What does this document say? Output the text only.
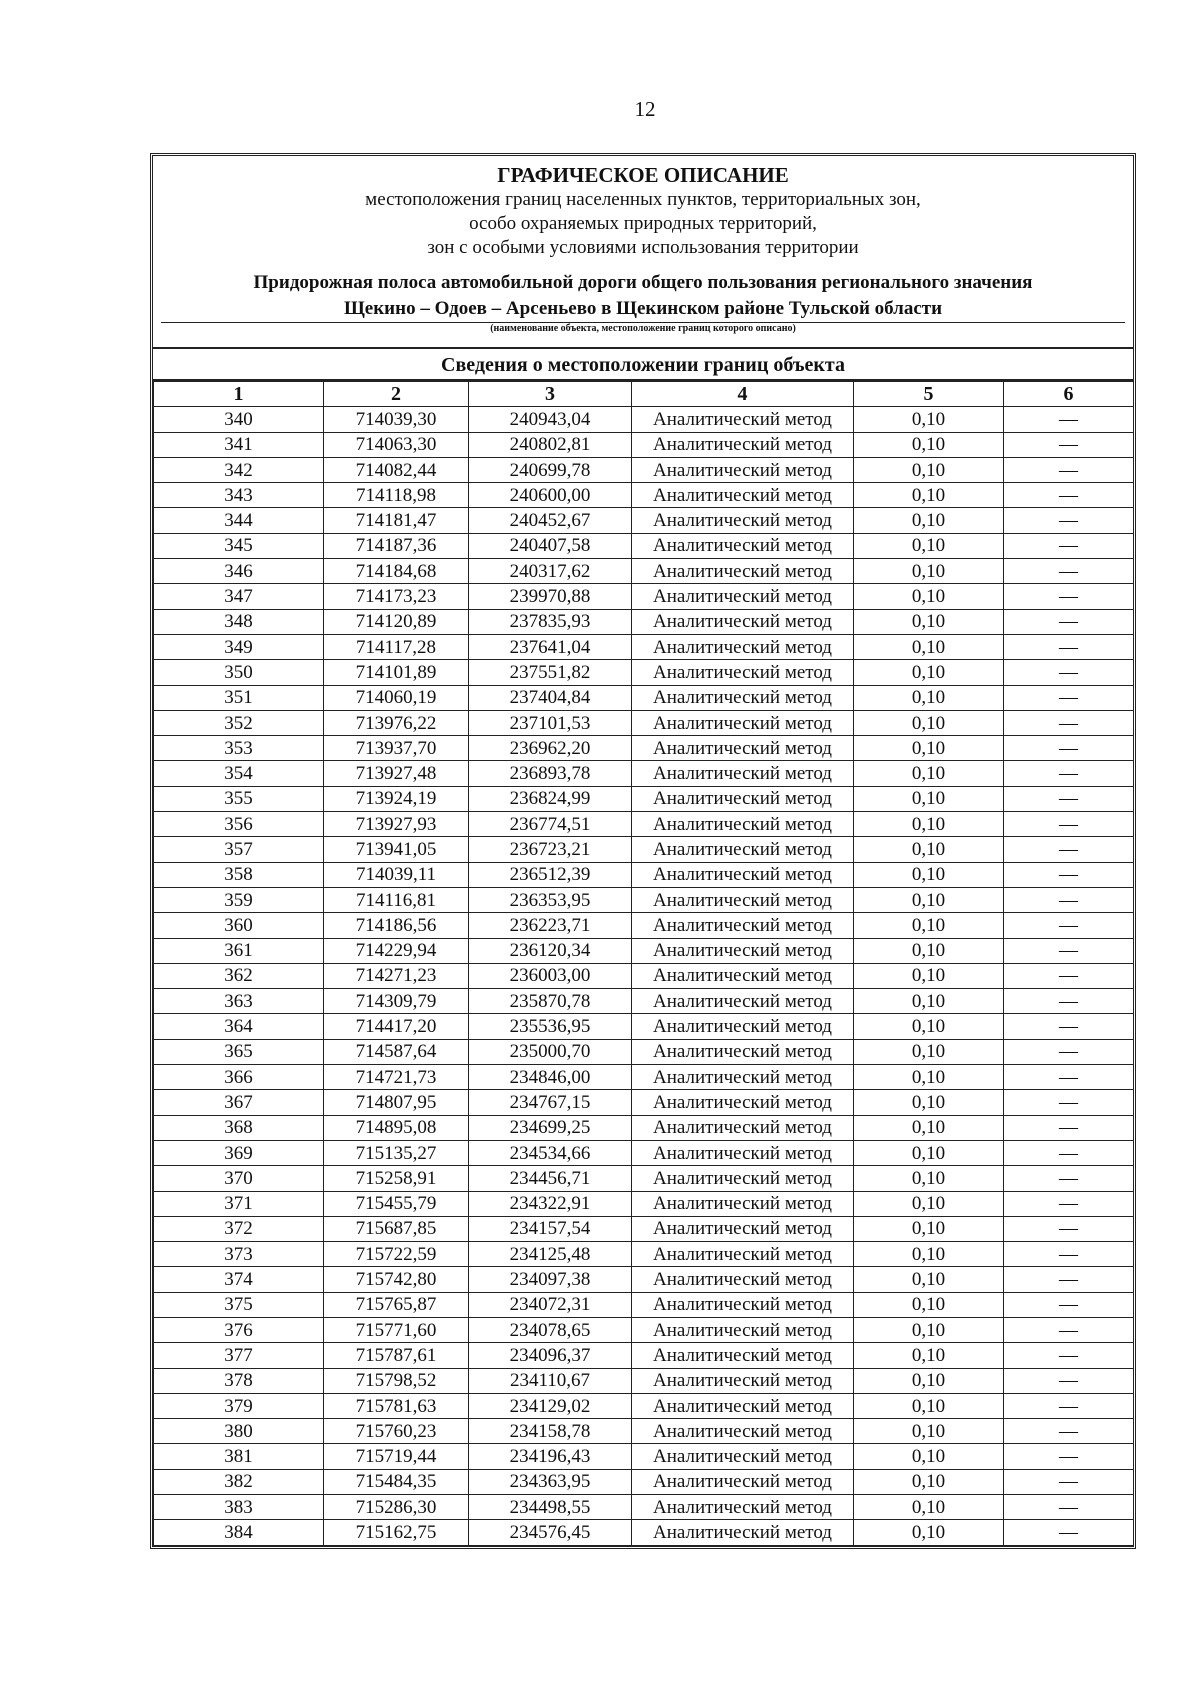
12
ГРАФИЧЕСКОЕ ОПИСАНИЕ
местоположения границ населенных пунктов, территориальных зон,
особо охраняемых природных территорий,
зон с особыми условиями использования территории
Придорожная полоса автомобильной дороги общего пользования регионального значения
Щекино – Одоев – Арсеньево в Щекинском районе Тульской области
(наименование объекта, местоположение границ которого описано)
Сведения о местоположении границ объекта
1	2	3	4	5	6
340	714039,30	240943,04	Аналитический метод	0,10	—
341	714063,30	240802,81	Аналитический метод	0,10	—
342	714082,44	240699,78	Аналитический метод	0,10	—
343	714118,98	240600,00	Аналитический метод	0,10	—
344	714181,47	240452,67	Аналитический метод	0,10	—
345	714187,36	240407,58	Аналитический метод	0,10	—
346	714184,68	240317,62	Аналитический метод	0,10	—
347	714173,23	239970,88	Аналитический метод	0,10	—
348	714120,89	237835,93	Аналитический метод	0,10	—
349	714117,28	237641,04	Аналитический метод	0,10	—
350	714101,89	237551,82	Аналитический метод	0,10	—
351	714060,19	237404,84	Аналитический метод	0,10	—
352	713976,22	237101,53	Аналитический метод	0,10	—
353	713937,70	236962,20	Аналитический метод	0,10	—
354	713927,48	236893,78	Аналитический метод	0,10	—
355	713924,19	236824,99	Аналитический метод	0,10	—
356	713927,93	236774,51	Аналитический метод	0,10	—
357	713941,05	236723,21	Аналитический метод	0,10	—
358	714039,11	236512,39	Аналитический метод	0,10	—
359	714116,81	236353,95	Аналитический метод	0,10	—
360	714186,56	236223,71	Аналитический метод	0,10	—
361	714229,94	236120,34	Аналитический метод	0,10	—
362	714271,23	236003,00	Аналитический метод	0,10	—
363	714309,79	235870,78	Аналитический метод	0,10	—
364	714417,20	235536,95	Аналитический метод	0,10	—
365	714587,64	235000,70	Аналитический метод	0,10	—
366	714721,73	234846,00	Аналитический метод	0,10	—
367	714807,95	234767,15	Аналитический метод	0,10	—
368	714895,08	234699,25	Аналитический метод	0,10	—
369	715135,27	234534,66	Аналитический метод	0,10	—
370	715258,91	234456,71	Аналитический метод	0,10	—
371	715455,79	234322,91	Аналитический метод	0,10	—
372	715687,85	234157,54	Аналитический метод	0,10	—
373	715722,59	234125,48	Аналитический метод	0,10	—
374	715742,80	234097,38	Аналитический метод	0,10	—
375	715765,87	234072,31	Аналитический метод	0,10	—
376	715771,60	234078,65	Аналитический метод	0,10	—
377	715787,61	234096,37	Аналитический метод	0,10	—
378	715798,52	234110,67	Аналитический метод	0,10	—
379	715781,63	234129,02	Аналитический метод	0,10	—
380	715760,23	234158,78	Аналитический метод	0,10	—
381	715719,44	234196,43	Аналитический метод	0,10	—
382	715484,35	234363,95	Аналитический метод	0,10	—
383	715286,30	234498,55	Аналитический метод	0,10	—
384	715162,75	234576,45	Аналитический метод	0,10	—
